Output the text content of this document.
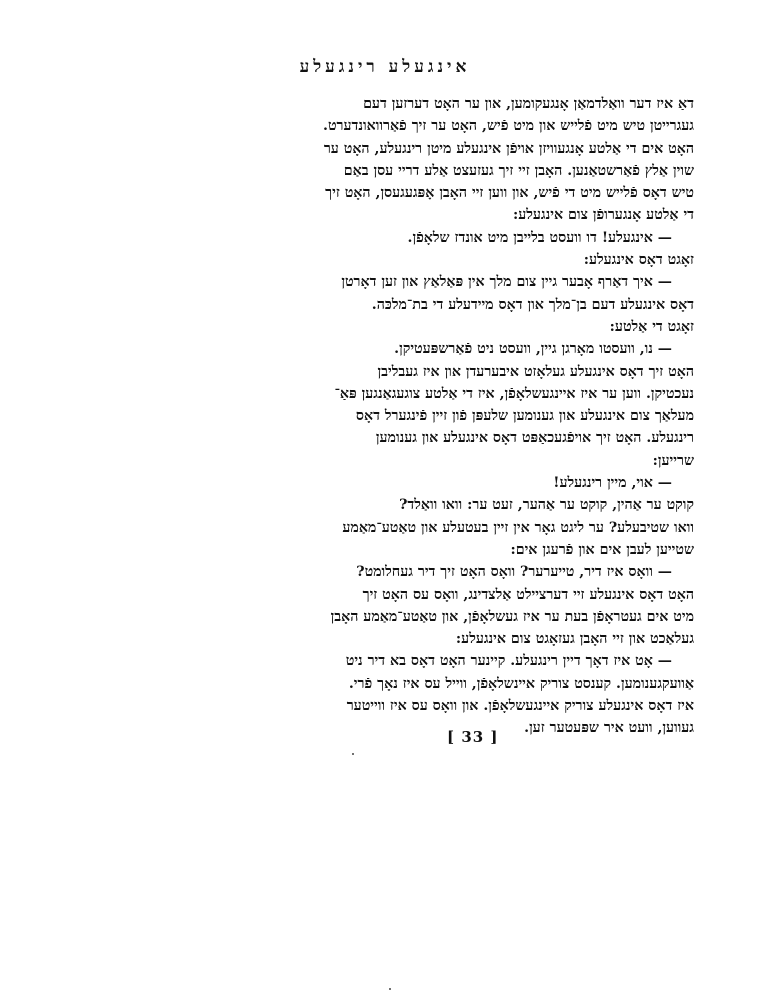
אינגעלע רינגעלע
דאַ איז דער וואַלדמאַן אָנגעקומען, און ער האָט דערזען דעם
געגרייטן טיש מיט פֿלייש און מיט פֿיש, האָט ער זיך פֿאַרוואונדערט.
האָט אים די אַלטע אָנגעוויזן אויפֿן אינגעלע מיטן רינגעלע, האָט ער
שוין אַלץ פֿאַרשטאַנען. האָבן זיי זיך געזעצט אַלע דריי עסן באַם
טיש דאָס פֿלייש מיט די פֿיש, און ווען זיי האָבן אָפּגעגעסן, האָט זיך
די אַלטע אָנגערופֿן צום אינגעלע:
— אינגעלע! דו וועסט בלייבן מיט אונדז שלאָפֿן.
זאָגט דאָס אינגעלע:
— איך דאַרף אָבער גיין צום מלך אין פּאַלאַץ און זען דאָרטן
דאָס אינגעלע דעם בן־מלך און דאָס מיידעלע די בת־מלכּה.
זאָגט די אַלטע:
— נו, וועסטו מאָרגן גיין, וועסט ניט פֿאַרשפּעטיקן.
האָט זיך דאָס אינגעלע געלאָזט איבערעדן און איז געבליבן
נעכטיקן. ווען ער איז איינגעשלאָפֿן, איז די אַלטע צוגעגאַנגען פּאַ־
מעלאַך צום אינגעלע און גענומען שלעפּן פֿון זיין פֿינגערל דאָס
רינגעלע. האָט זיך אויפֿגעכאַפּט דאָס אינגעלע און גענומען
שרייען:
— אוי, מיין רינגעלע!
קוקט ער אַהין, קוקט ער אַהער, זעט ער: וואו וואַלד?
וואו שטיבעלע? ער ליגט גאָר אין זיין בעטעלע און טאַטע־מאַמע
שטייען לעבן אים און פֿרעגן אים:
— וואָס איז דיר, טייערער? וואָס האָט זיך דיר געחלומט?
האָט דאָס אינגעלע זיי דערציילט אַלצדינג, וואָס עס האָט זיך
מיט אים געטראָפֿן בעת ער איז געשלאָפֿן, און טאַטע־מאַמע האָבן
געלאַכט און זיי האָבן געזאָגט צום אינגעלע:
— אָט איז דאָך דיין רינגעלע. קיינער האָט דאָס בא דיר ניט
אַוועקגענומען. קענסט צוריק איינשלאָפֿן, ווייל עס איז נאָך פֿרי.
איז דאָס אינגעלע צוריק איינגעשלאָפֿן. און וואָס עס איז ווייטער
געווען, וועט איר שפּעטער זען.
[ 33 ]
